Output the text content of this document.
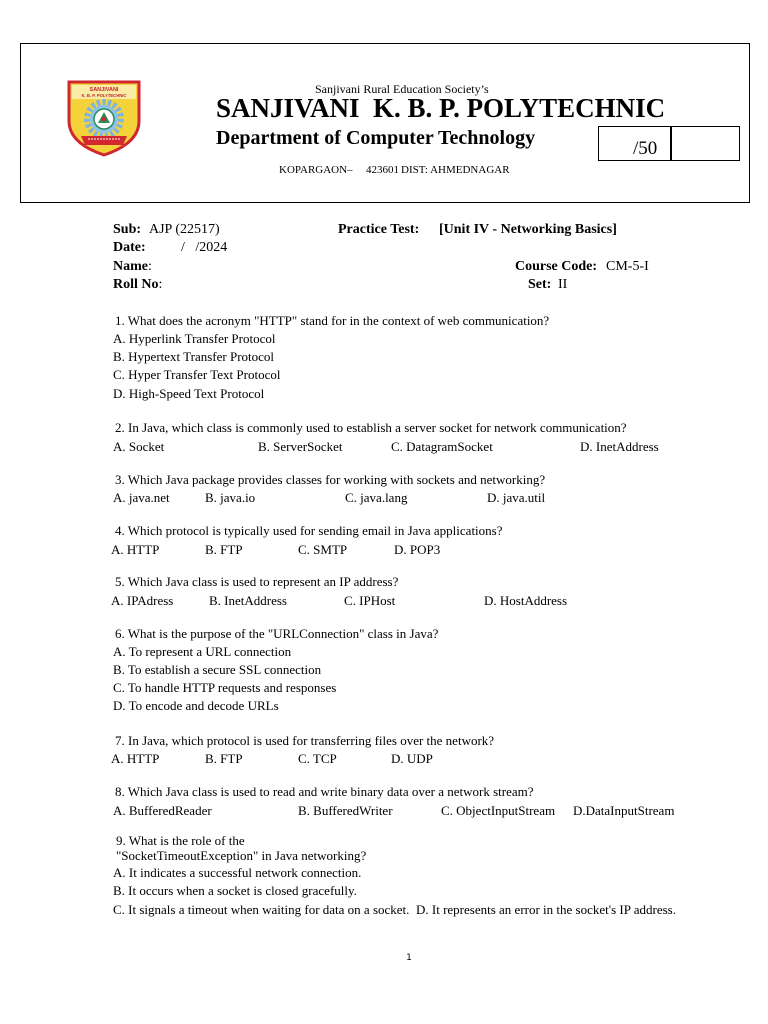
SANJIVANI
K. B. P. POLYTECHNIC	Sanjivani Rural Education Society’s
SANJIVANI  K. B. P. POLYTECHNIC
Department of Computer Technology	/50
KOPARGAON– 423601 DIST: AHMEDNAGAR
Sub: AJP (22517)	Practice Test: [Unit IV - Networking Basics]
Date:	/   /2024
Name:	Course Code: CM-5-I
Roll No:	Set: II
1. What does the acronym "HTTP" stand for in the context of web communication?
A. Hyperlink Transfer Protocol
B. Hypertext Transfer Protocol
C. Hyper Transfer Text Protocol
D. High-Speed Text Protocol
2. In Java, which class is commonly used to establish a server socket for network communication?
A. Socket	B. ServerSocket	C. DatagramSocket	D. InetAddress
3. Which Java package provides classes for working with sockets and networking?
A. java.net	B. java.io	C. java.lang	D. java.util
4. Which protocol is typically used for sending email in Java applications?
A. HTTP	B. FTP	C. SMTP	D. POP3
5. Which Java class is used to represent an IP address?
A. IPAdress	B. InetAddress	C. IPHost	D. HostAddress
6. What is the purpose of the "URLConnection" class in Java?
A. To represent a URL connection
B. To establish a secure SSL connection
C. To handle HTTP requests and responses
D. To encode and decode URLs
7. In Java, which protocol is used for transferring files over the network?
A. HTTP	B. FTP	C. TCP	D. UDP
8. Which Java class is used to read and write binary data over a network stream?
A. BufferedReader	B. BufferedWriter	C. ObjectInputStream D.DataInputStream
9. What is the role of the
"SocketTimeoutException" in Java networking?
A. It indicates a successful network connection.
B. It occurs when a socket is closed gracefully.
C. It signals a timeout when waiting for data on a socket. D. It represents an error in the socket's IP address.
1
